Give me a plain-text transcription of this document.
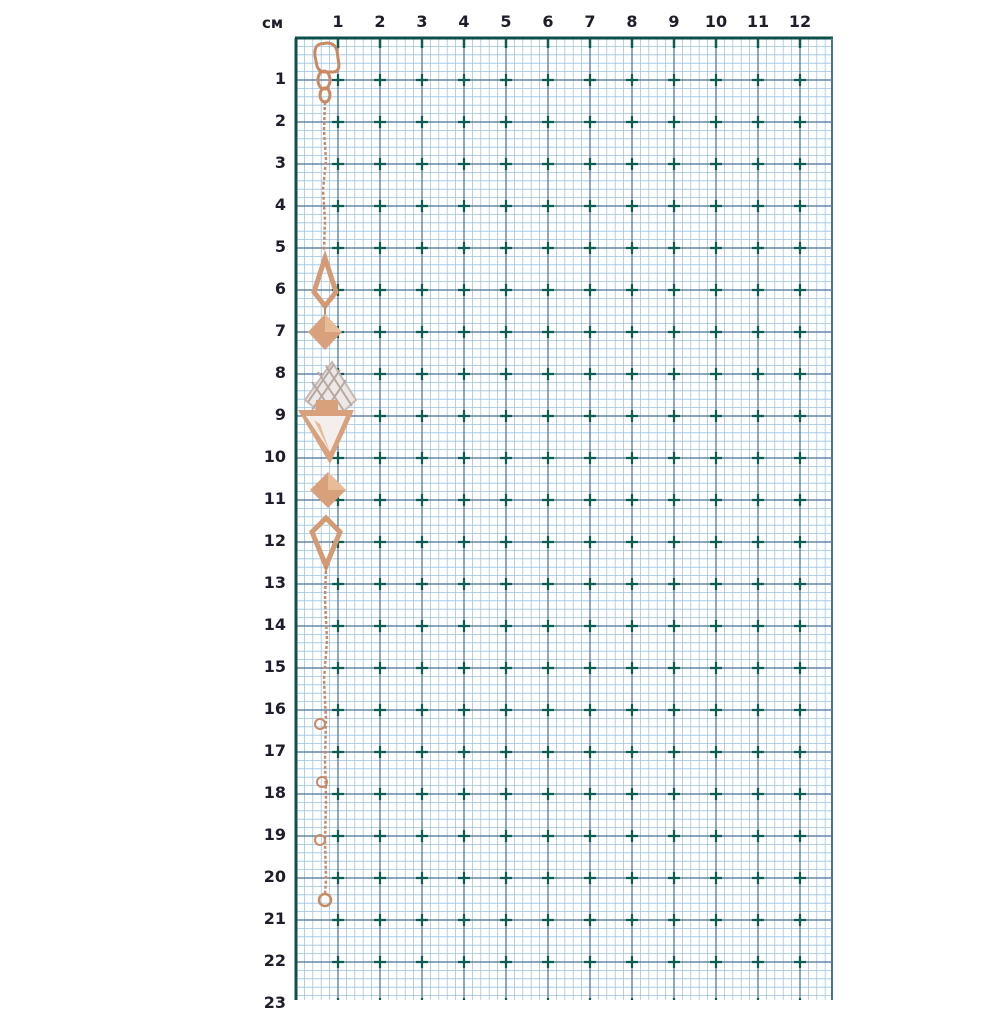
см	1	2	3	4	5	6	7	8	9	10	11	12
1
2
3
4
5
6
7
8
9
10
11
12
13
14
15
16
17
18
19
20
21
22
23
